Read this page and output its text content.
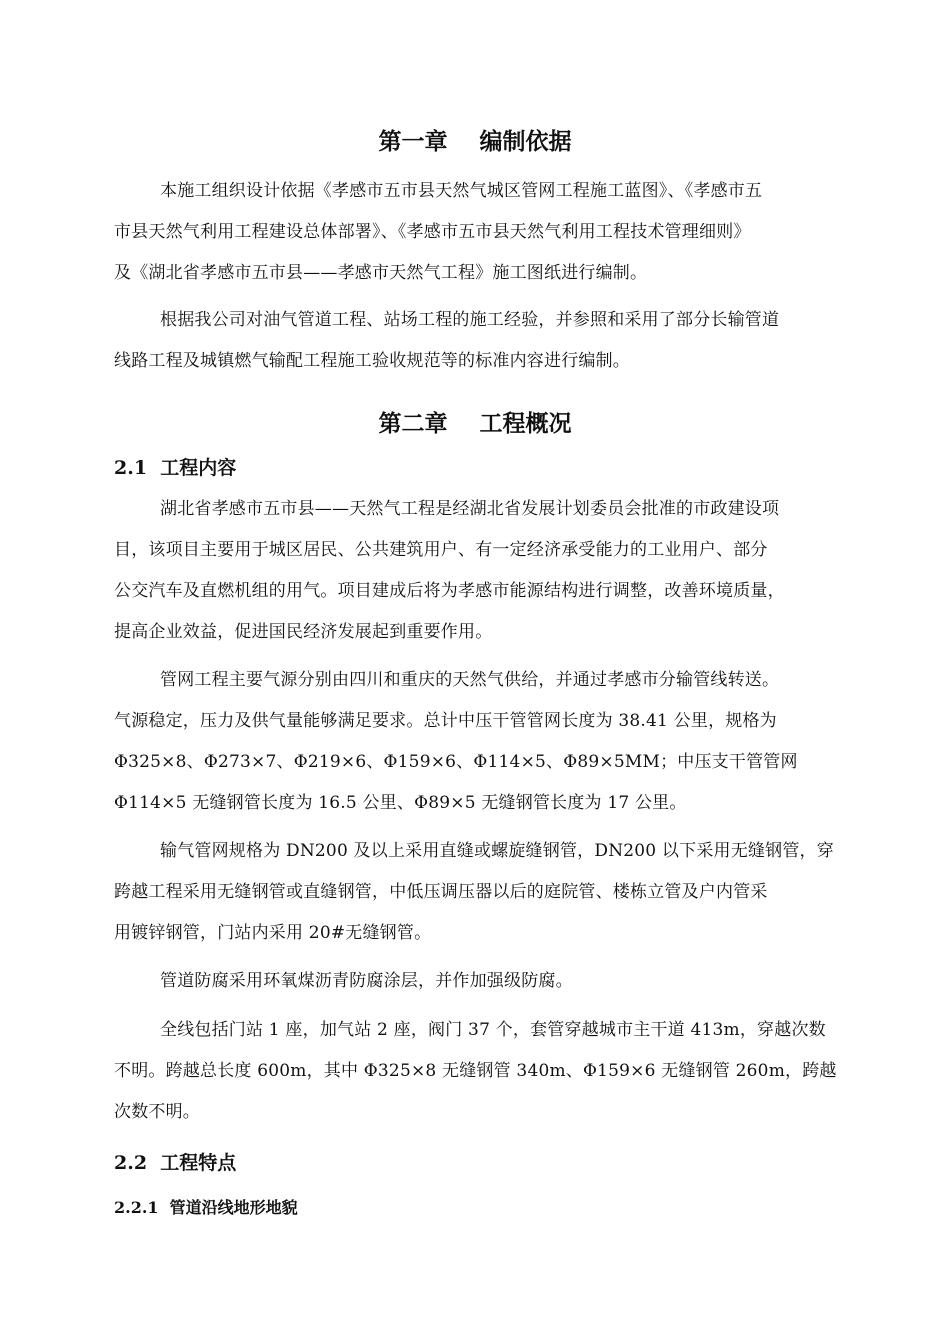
第一章    编制依据
本施工组织设计依据《孝感市五市县天然气城区管网工程施工蓝图》、《孝感市五
市县天然气利用工程建设总体部署》、《孝感市五市县天然气利用工程技术管理细则》
及《湖北省孝感市五市县——孝感市天然气工程》施工图纸进行编制。
根据我公司对油气管道工程、站场工程的施工经验，并参照和采用了部分长输管道
线路工程及城镇燃气输配工程施工验收规范等的标准内容进行编制。
第二章    工程概况
2.1  工程内容
湖北省孝感市五市县——天然气工程是经湖北省发展计划委员会批准的市政建设项
目，该项目主要用于城区居民、公共建筑用户、有一定经济承受能力的工业用户、部分
公交汽车及直燃机组的用气。项目建成后将为孝感市能源结构进行调整，改善环境质量，
提高企业效益，促进国民经济发展起到重要作用。
管网工程主要气源分别由四川和重庆的天然气供给，并通过孝感市分输管线转送。
气源稳定，压力及供气量能够满足要求。总计中压干管管网长度为 38.41 公里，规格为
Φ325×8、Φ273×7、Φ219×6、Φ159×6、Φ114×5、Φ89×5MM；中压支干管管网
Φ114×5 无缝钢管长度为 16.5 公里、Φ89×5 无缝钢管长度为 17 公里。
输气管网规格为 DN200 及以上采用直缝或螺旋缝钢管，DN200 以下采用无缝钢管，穿
跨越工程采用无缝钢管或直缝钢管，中低压调压器以后的庭院管、楼栋立管及户内管采
用镀锌钢管，门站内采用 20#无缝钢管。
管道防腐采用环氧煤沥青防腐涂层，并作加强级防腐。
全线包括门站 1 座，加气站 2 座，阀门 37 个，套管穿越城市主干道 413m，穿越次数
不明。跨越总长度 600m，其中 Φ325×8 无缝钢管 340m、Φ159×6 无缝钢管 260m，跨越
次数不明。
2.2  工程特点
2.2.1  管道沿线地形地貌
